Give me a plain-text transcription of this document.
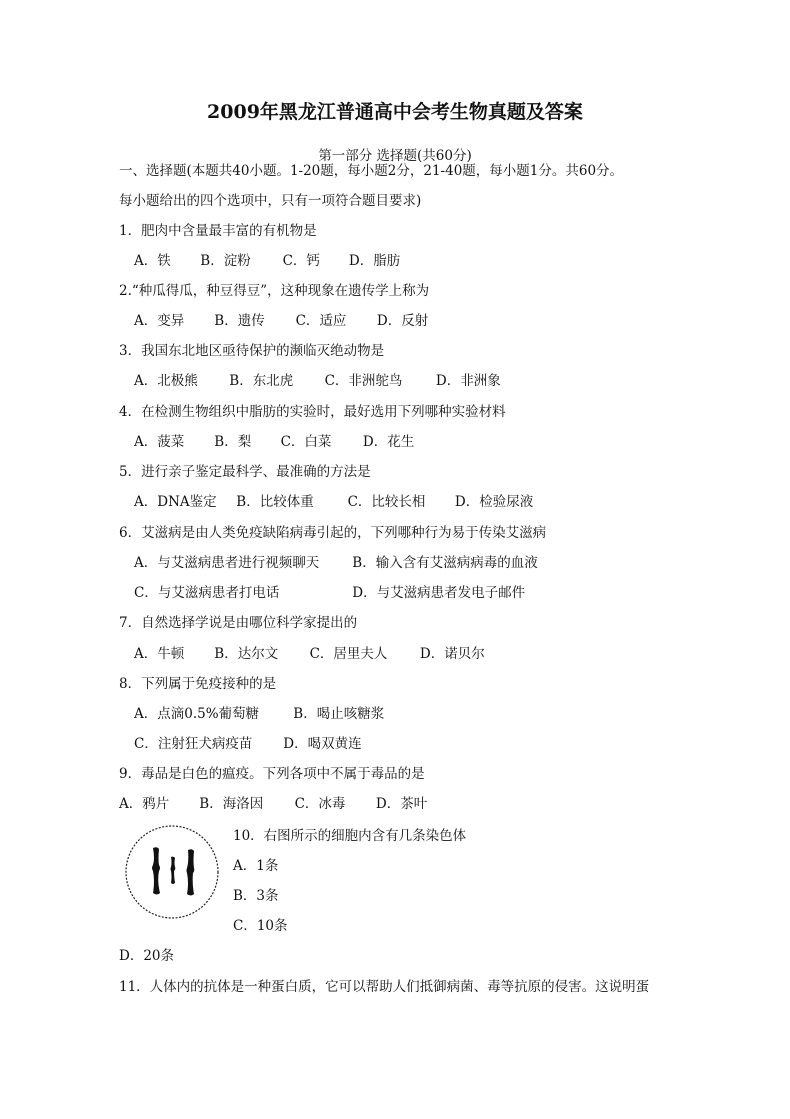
2009年黑龙江普通高中会考生物真题及答案
第一部分 选择题(共60分)
一、选择题(本题共40小题。1-20题，每小题2分，21-40题，每小题1分。共60分。
每小题给出的四个选项中，只有一项符合题目要求)
1．肥肉中含量最丰富的有机物是
A．铁 B．淀粉 C．钙 D．脂肪
2.“种瓜得瓜，种豆得豆”，这种现象在遗传学上称为
A．变异 B．遗传 C．适应 D．反射
3．我国东北地区亟待保护的濒临灭绝动物是
A．北极熊 B．东北虎 C．非洲鸵鸟 D．非洲象
4．在检测生物组织中脂肪的实验时，最好选用下列哪种实验材料
A．菠菜 B．梨 C．白菜 D．花生
5．进行亲子鉴定最科学、最准确的方法是
A．DNA鉴定 B．比较体重	C．比较长相 D．检验尿液
6．艾滋病是由人类免疫缺陷病毒引起的，下列哪种行为易于传染艾滋病
A．与艾滋病患者进行视频聊天 B．输入含有艾滋病病毒的血液
C．与艾滋病患者打电话	D．与艾滋病患者发电子邮件
7．自然选择学说是由哪位科学家提出的
A．牛顿 B．达尔文 C．居里夫人 D．诺贝尔
8．下列属于免疫接种的是
A．点滴0.5%葡萄糖	B．喝止咳糖浆
C．注射狂犬病疫苗 D．喝双黄连
9．毒品是白色的瘟疫。下列各项中不属于毒品的是
A．鸦片 B．海洛因 C．冰毒 D．茶叶
10．右图所示的细胞内含有几条染色体
A．1条
B．3条
C．10条
D．20条
11．人体内的抗体是一种蛋白质，它可以帮助人们抵御病菌、毒等抗原的侵害。这说明蛋
